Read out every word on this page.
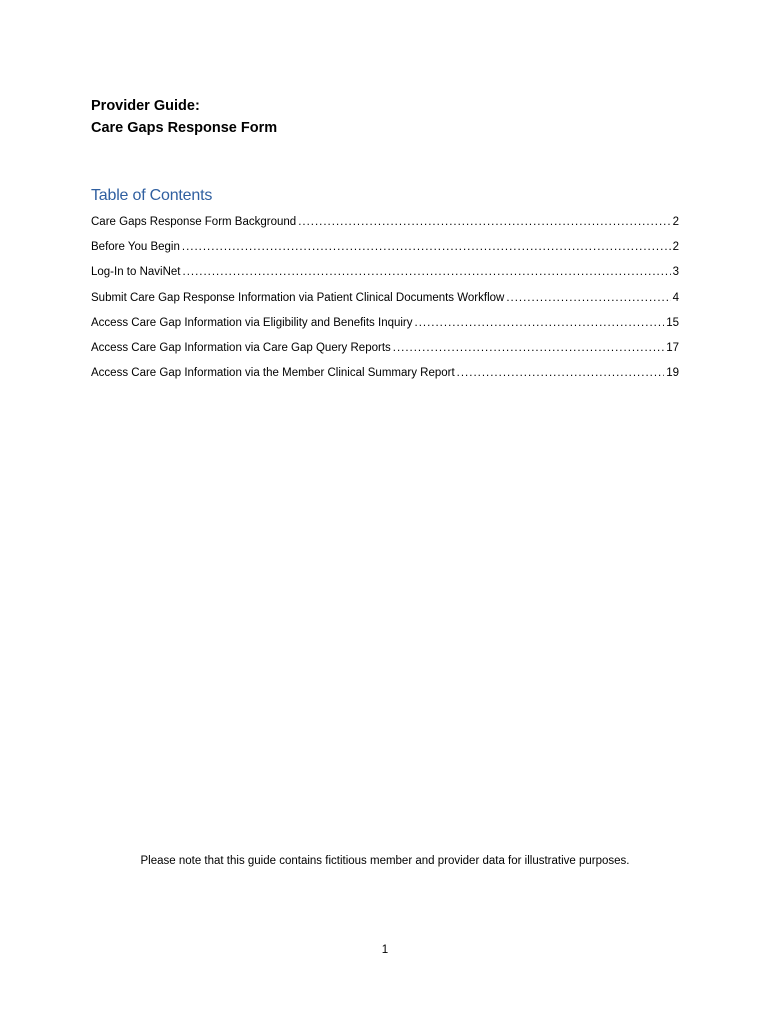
Provider Guide:
Care Gaps Response Form
Table of Contents
Care Gaps Response Form Background .....	2
Before You Begin .....	2
Log-In to NaviNet .....	3
Submit Care Gap Response Information via Patient Clinical Documents Workflow .....	4
Access Care Gap Information via Eligibility and Benefits Inquiry .....	15
Access Care Gap Information via Care Gap Query Reports .....	17
Access Care Gap Information via the Member Clinical Summary Report .....	19

Please note that this guide contains fictitious member and provider data for illustrative purposes.

1
